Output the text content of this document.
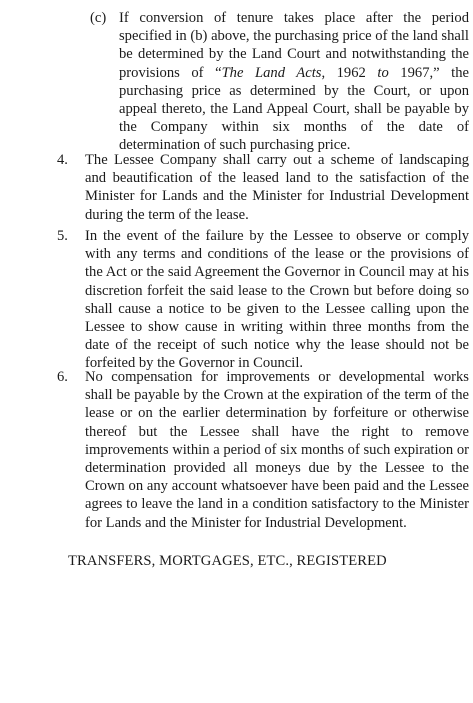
(c) If conversion of tenure takes place after the period specified in (b) above, the purchasing price of the land shall be determined by the Land Court and notwithstanding the provisions of “The Land Acts, 1962 to 1967,” the purchasing price as determined by the Court, or upon appeal thereto, the Land Appeal Court, shall be payable by the Company within six months of the date of determination of such purchasing price.
4. The Lessee Company shall carry out a scheme of landscaping and beautification of the leased land to the satisfaction of the Minister for Lands and the Minister for Industrial Development during the term of the lease.
5. In the event of the failure by the Lessee to observe or comply with any terms and conditions of the lease or the provisions of the Act or the said Agreement the Governor in Council may at his discretion forfeit the said lease to the Crown but before doing so shall cause a notice to be given to the Lessee calling upon the Lessee to show cause in writing within three months from the date of the receipt of such notice why the lease should not be forfeited by the Governor in Council.
6. No compensation for improvements or developmental works shall be payable by the Crown at the expiration of the term of the lease or on the earlier determination by forfeiture or otherwise thereof but the Lessee shall have the right to remove improvements within a period of six months of such expiration or determination provided all moneys due by the Lessee to the Crown on any account whatsoever have been paid and the Lessee agrees to leave the land in a condition satisfactory to the Minister for Lands and the Minister for Industrial Development.
TRANSFERS, MORTGAGES, ETC., REGISTERED
